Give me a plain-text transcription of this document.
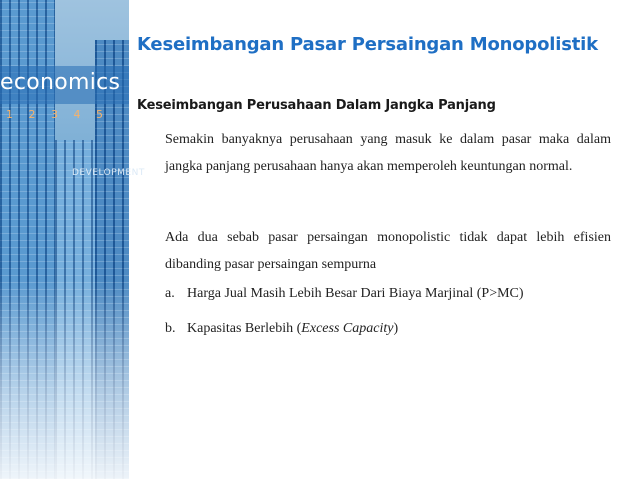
economics
1 2 3 4 5
DEVELOPMENT
Keseimbangan Pasar Persaingan Monopolistik
Keseimbangan Perusahaan Dalam Jangka Panjang
Semakin banyaknya perusahaan yang masuk ke dalam pasar maka dalam jangka panjang perusahaan hanya akan memperoleh keuntungan normal.
Ada dua sebab pasar persaingan monopolistic tidak dapat lebih efisien dibanding pasar persaingan sempurna
a. Harga Jual Masih Lebih Besar Dari Biaya Marjinal (P>MC)
b. Kapasitas Berlebih (Excess Capacity)
